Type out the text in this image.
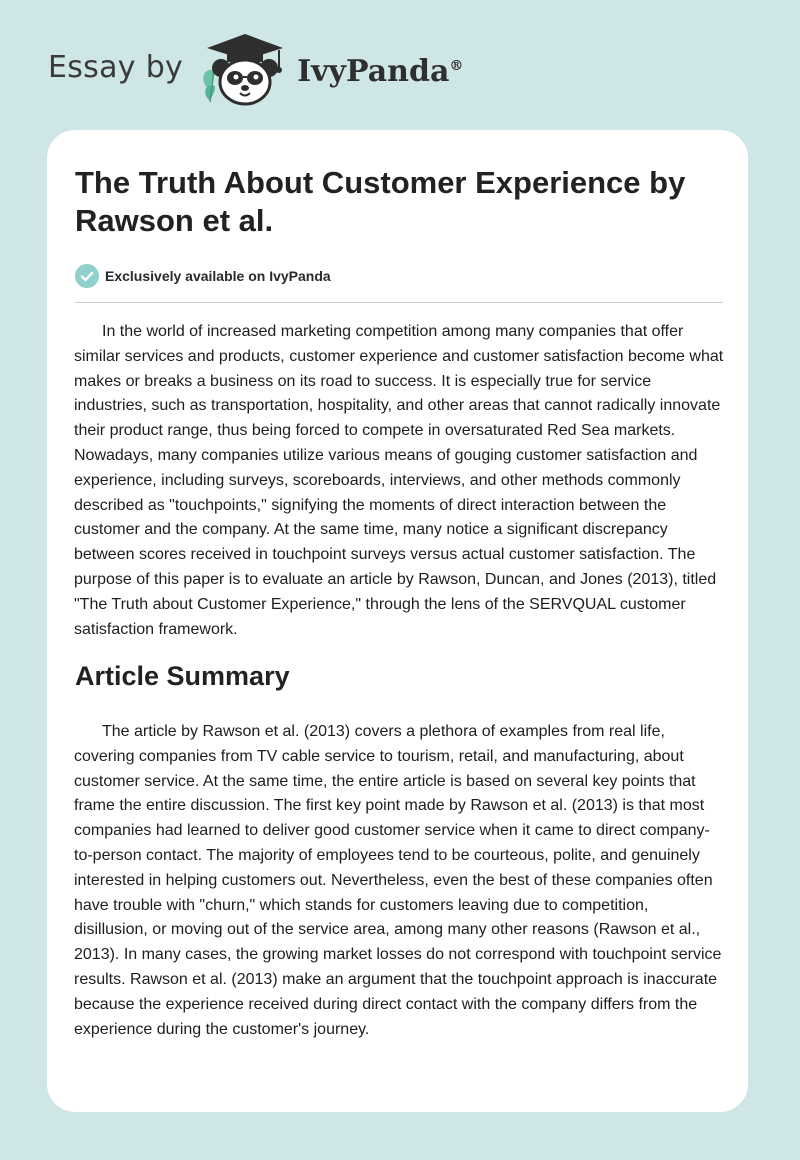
Essay by	IvyPanda®
The Truth About Customer Experience by Rawson et al.
Exclusively available on IvyPanda

In the world of increased marketing competition among many companies that offer similar services and products, customer experience and customer satisfaction become what makes or breaks a business on its road to success. It is especially true for service industries, such as transportation, hospitality, and other areas that cannot radically innovate their product range, thus being forced to compete in oversaturated Red Sea markets. Nowadays, many companies utilize various means of gouging customer satisfaction and experience, including surveys, scoreboards, interviews, and other methods commonly described as "touchpoints," signifying the moments of direct interaction between the customer and the company. At the same time, many notice a significant discrepancy between scores received in touchpoint surveys versus actual customer satisfaction. The purpose of this paper is to evaluate an article by Rawson, Duncan, and Jones (2013), titled "The Truth about Customer Experience," through the lens of the SERVQUAL customer satisfaction framework.

Article Summary

The article by Rawson et al. (2013) covers a plethora of examples from real life, covering companies from TV cable service to tourism, retail, and manufacturing, about customer service. At the same time, the entire article is based on several key points that frame the entire discussion. The first key point made by Rawson et al. (2013) is that most companies had learned to deliver good customer service when it came to direct company-to-person contact. The majority of employees tend to be courteous, polite, and genuinely interested in helping customers out. Nevertheless, even the best of these companies often have trouble with "churn," which stands for customers leaving due to competition, disillusion, or moving out of the service area, among many other reasons (Rawson et al., 2013). In many cases, the growing market losses do not correspond with touchpoint service results. Rawson et al. (2013) make an argument that the touchpoint approach is inaccurate because the experience received during direct contact with the company differs from the experience during the customer's journey.
